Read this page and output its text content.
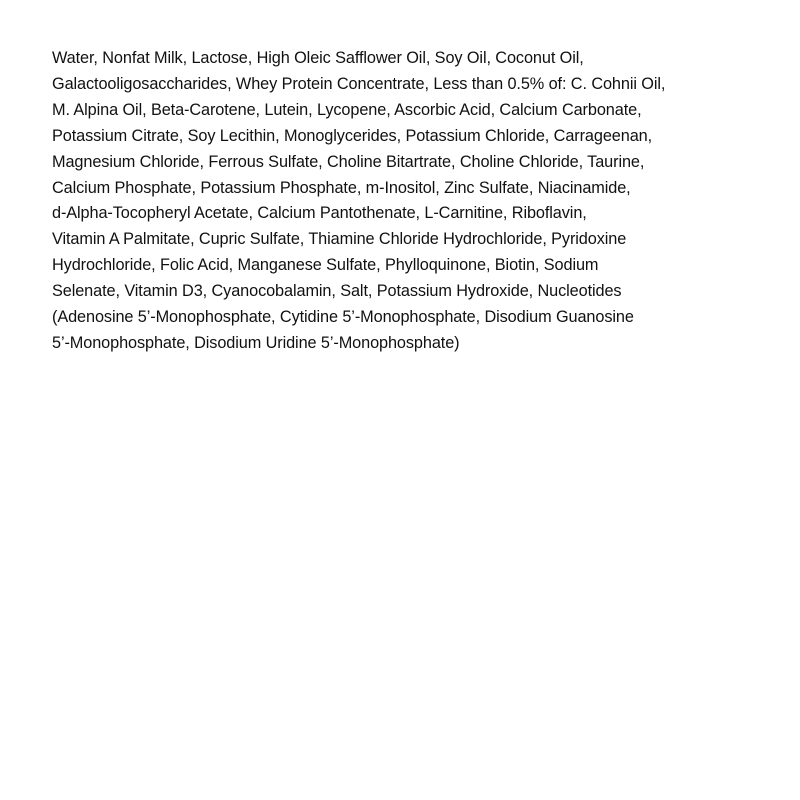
Water, Nonfat Milk, Lactose, High Oleic Safflower Oil, Soy Oil, Coconut Oil,
Galactooligosaccharides, Whey Protein Concentrate, Less than 0.5% of: C. Cohnii Oil,
M. Alpina Oil, Beta-Carotene, Lutein, Lycopene, Ascorbic Acid, Calcium Carbonate,
Potassium Citrate, Soy Lecithin, Monoglycerides, Potassium Chloride, Carrageenan,
Magnesium Chloride, Ferrous Sulfate, Choline Bitartrate, Choline Chloride, Taurine,
Calcium Phosphate, Potassium Phosphate, m-Inositol, Zinc Sulfate, Niacinamide,
d-Alpha-Tocopheryl Acetate, Calcium Pantothenate, L-Carnitine, Riboflavin,
Vitamin A Palmitate, Cupric Sulfate, Thiamine Chloride Hydrochloride, Pyridoxine
Hydrochloride, Folic Acid, Manganese Sulfate, Phylloquinone, Biotin, Sodium
Selenate, Vitamin D3, Cyanocobalamin, Salt, Potassium Hydroxide, Nucleotides
(Adenosine 5’-Monophosphate, Cytidine 5’-Monophosphate, Disodium Guanosine
5’-Monophosphate, Disodium Uridine 5’-Monophosphate)
